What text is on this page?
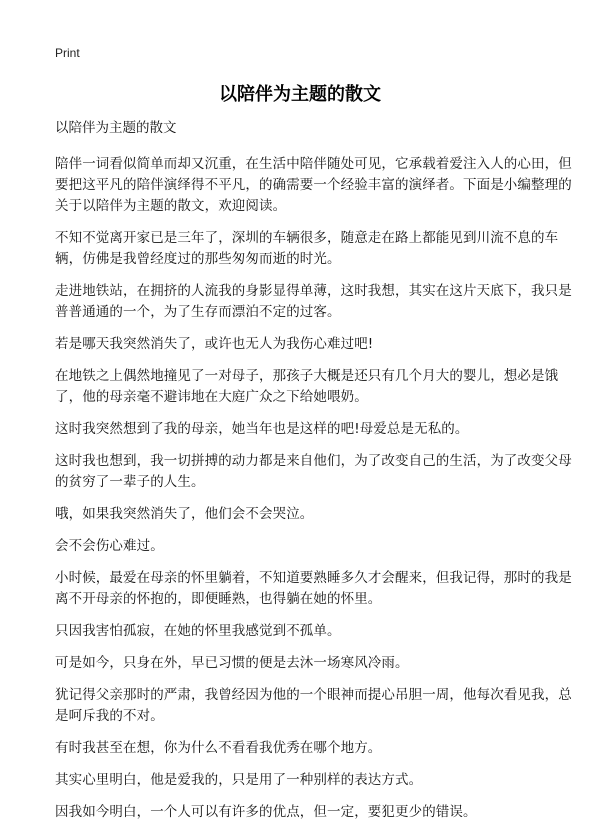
Print
以陪伴为主题的散文

以陪伴为主题的散文

陪伴一词看似简单而却又沉重，在生活中陪伴随处可见，它承载着爱注入人的心田，但要把这平凡的陪伴演绎得不平凡，的确需要一个经验丰富的演绎者。下面是小编整理的关于以陪伴为主题的散文，欢迎阅读。

不知不觉离开家已是三年了，深圳的车辆很多，随意走在路上都能见到川流不息的车辆，仿佛是我曾经度过的那些匆匆而逝的时光。

走进地铁站，在拥挤的人流我的身影显得单薄，这时我想，其实在这片天底下，我只是普普通通的一个，为了生存而漂泊不定的过客。

若是哪天我突然消失了，或许也无人为我伤心难过吧!

在地铁之上偶然地撞见了一对母子，那孩子大概是还只有几个月大的婴儿，想必是饿了，他的母亲毫不避讳地在大庭广众之下给她喂奶。

这时我突然想到了我的母亲，她当年也是这样的吧!母爱总是无私的。

这时我也想到，我一切拼搏的动力都是来自他们，为了改变自己的生活，为了改变父母的贫穷了一辈子的人生。

哦，如果我突然消失了，他们会不会哭泣。

会不会伤心难过。

小时候，最爱在母亲的怀里躺着，不知道要熟睡多久才会醒来，但我记得，那时的我是离不开母亲的怀抱的，即便睡熟，也得躺在她的怀里。

只因我害怕孤寂，在她的怀里我感觉到不孤单。

可是如今，只身在外，早已习惯的便是去沐一场寒风冷雨。

犹记得父亲那时的严肃，我曾经因为他的一个眼神而提心吊胆一周，他每次看见我，总是呵斥我的不对。

有时我甚至在想，你为什么不看看我优秀在哪个地方。

其实心里明白，他是爱我的，只是用了一种别样的表达方式。

因我如今明白，一个人可以有许多的优点，但一定，要犯更少的错误。
